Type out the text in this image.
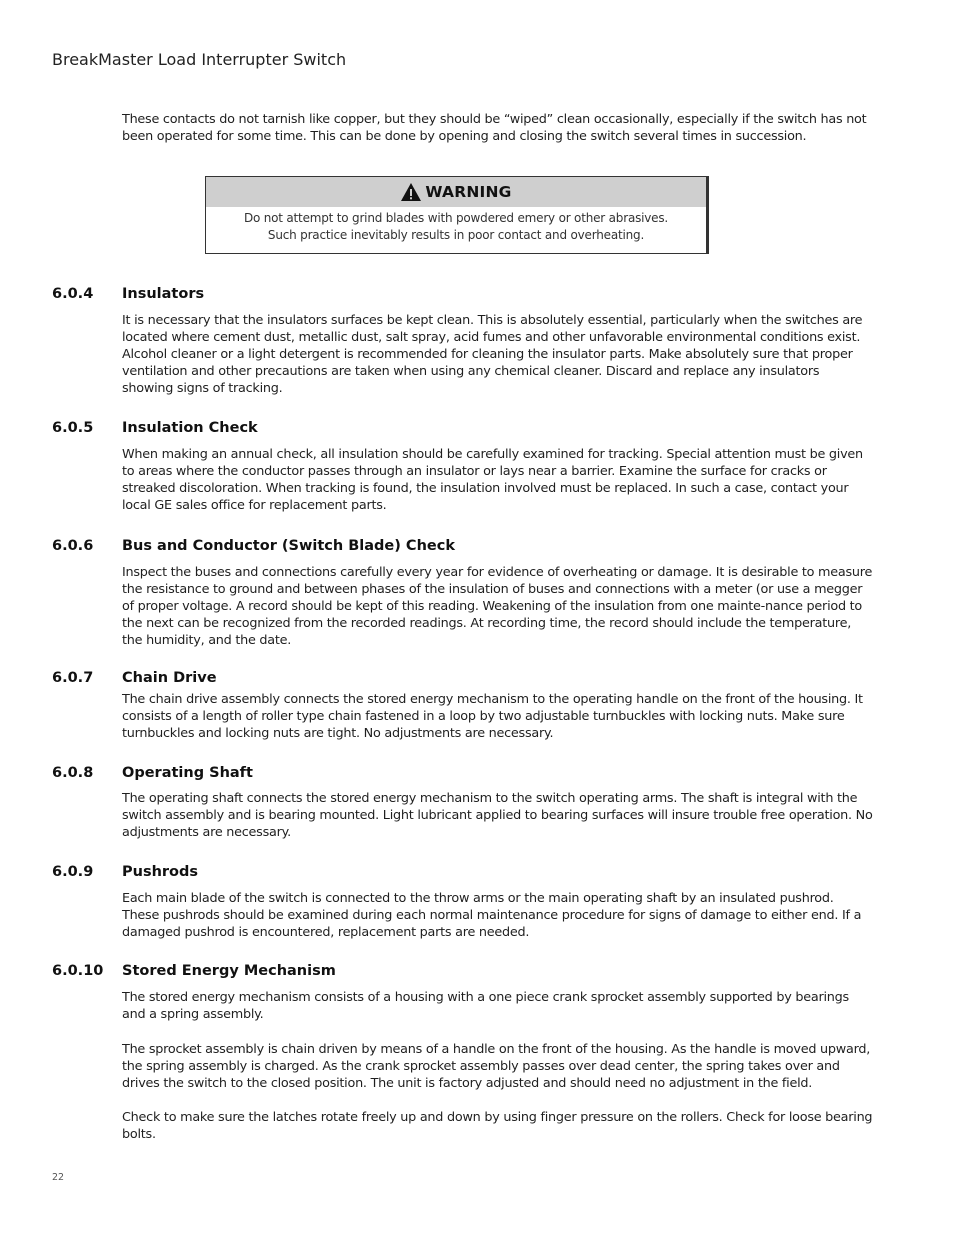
BreakMaster Load Interrupter Switch

These contacts do not tarnish like copper, but they should be “wiped” clean occasionally, especially if the switch has not been operated for some time. This can be done by opening and closing the switch several times in succession.

WARNING
Do not attempt to grind blades with powdered emery or other abrasives.
Such practice inevitably results in poor contact and overheating.
6.0.4 Insulators

It is necessary that the insulators surfaces be kept clean. This is absolutely essential, particularly when the switches are located where cement dust, metallic dust, salt spray, acid fumes and other unfavorable environmental conditions exist. Alcohol cleaner or a light detergent is recommended for cleaning the insulator parts. Make absolutely sure that proper ventilation and other precautions are taken when using any chemical cleaner. Discard and replace any insulators showing signs of tracking.

6.0.5 Insulation Check

When making an annual check, all insulation should be carefully examined for tracking. Special attention must be given to areas where the conductor passes through an insulator or lays near a barrier. Examine the surface for cracks or streaked discoloration. When tracking is found, the insulation involved must be replaced. In such a case, contact your local GE sales office for replacement parts.

6.0.6 Bus and Conductor (Switch Blade) Check

Inspect the buses and connections carefully every year for evidence of overheating or damage. It is desirable to measure the resistance to ground and between phases of the insulation of buses and connections with a meter (or use a megger of proper voltage. A record should be kept of this reading. Weakening of the insulation from one mainte-nance period to the next can be recognized from the recorded readings. At recording time, the record should include the temperature, the humidity, and the date.

6.0.7 Chain Drive

The chain drive assembly connects the stored energy mechanism to the operating handle on the front of the housing. It consists of a length of roller type chain fastened in a loop by two adjustable turnbuckles with locking nuts. Make sure turnbuckles and locking nuts are tight. No adjustments are necessary.

6.0.8 Operating Shaft

The operating shaft connects the stored energy mechanism to the switch operating arms. The shaft is integral with the switch assembly and is bearing mounted. Light lubricant applied to bearing surfaces will insure trouble free operation. No adjustments are necessary.

6.0.9 Pushrods

Each main blade of the switch is connected to the throw arms or the main operating shaft by an insulated pushrod. These pushrods should be examined during each normal maintenance procedure for signs of damage to either end. If a damaged pushrod is encountered, replacement parts are needed.

6.0.10 Stored Energy Mechanism

The stored energy mechanism consists of a housing with a one piece crank sprocket assembly supported by bearings and a spring assembly.

The sprocket assembly is chain driven by means of a handle on the front of the housing. As the handle is moved upward, the spring assembly is charged. As the crank sprocket assembly passes over dead center, the spring takes over and drives the switch to the closed position. The unit is factory adjusted and should need no adjustment in the field.

Check to make sure the latches rotate freely up and down by using finger pressure on the rollers. Check for loose bearing bolts.

22
